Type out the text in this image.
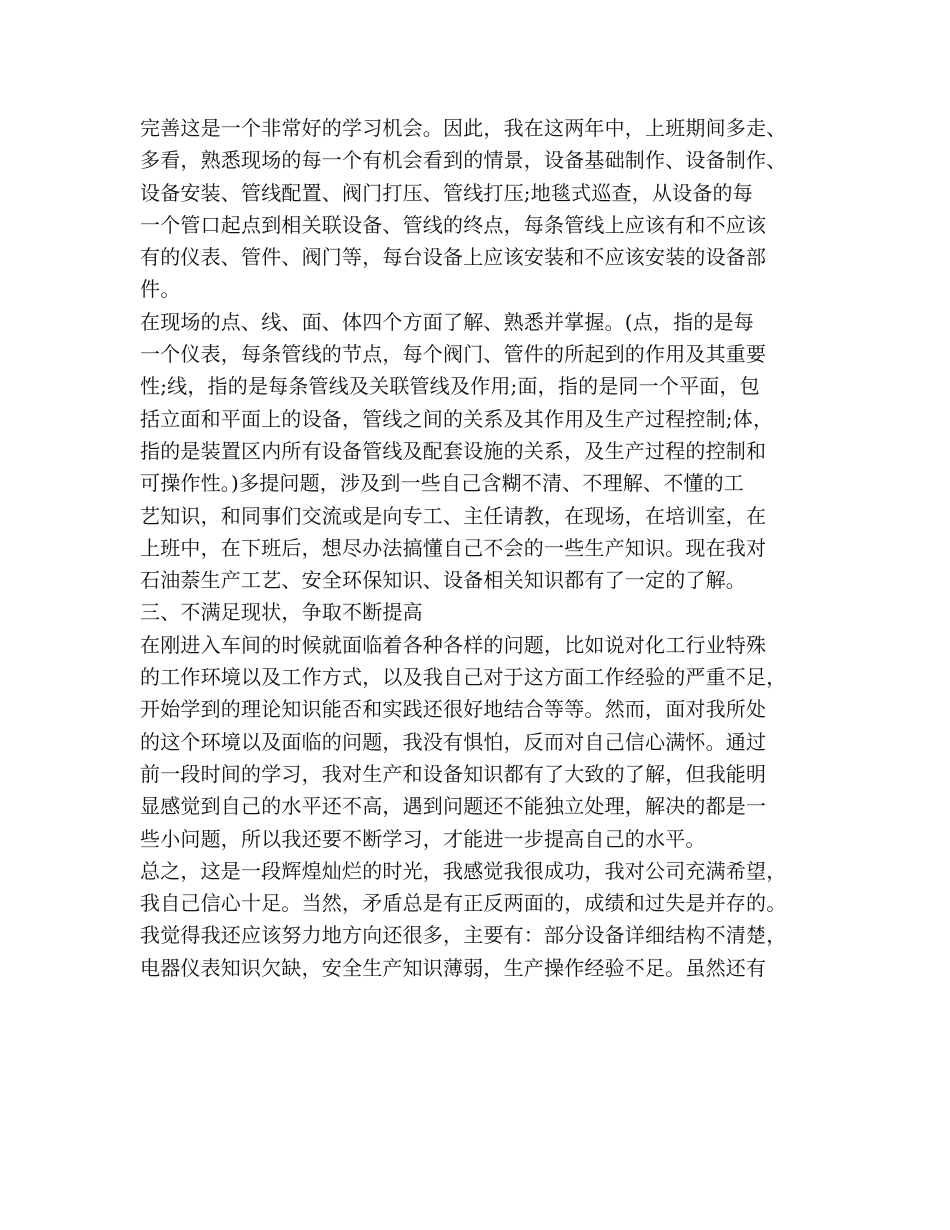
完善这是一个非常好的学习机会。因此，我在这两年中，上班期间多走、
多看，熟悉现场的每一个有机会看到的情景，设备基础制作、设备制作、
设备安装、管线配置、阀门打压、管线打压;地毯式巡查，从设备的每
一个管口起点到相关联设备、管线的终点，每条管线上应该有和不应该
有的仪表、管件、阀门等，每台设备上应该安装和不应该安装的设备部
件。
在现场的点、线、面、体四个方面了解、熟悉并掌握。(点，指的是每
一个仪表，每条管线的节点，每个阀门、管件的所起到的作用及其重要
性;线，指的是每条管线及关联管线及作用;面，指的是同一个平面，包
括立面和平面上的设备，管线之间的关系及其作用及生产过程控制;体，
指的是装置区内所有设备管线及配套设施的关系，及生产过程的控制和
可操作性。)多提问题，涉及到一些自己含糊不清、不理解、不懂的工
艺知识，和同事们交流或是向专工、主任请教，在现场，在培训室，在
上班中，在下班后，想尽办法搞懂自己不会的一些生产知识。现在我对
石油萘生产工艺、安全环保知识、设备相关知识都有了一定的了解。
三、不满足现状，争取不断提高
在刚进入车间的时候就面临着各种各样的问题，比如说对化工行业特殊
的工作环境以及工作方式，以及我自己对于这方面工作经验的严重不足，
开始学到的理论知识能否和实践还很好地结合等等。然而，面对我所处
的这个环境以及面临的问题，我没有惧怕，反而对自己信心满怀。通过
前一段时间的学习，我对生产和设备知识都有了大致的了解，但我能明
显感觉到自己的水平还不高，遇到问题还不能独立处理，解决的都是一
些小问题，所以我还要不断学习，才能进一步提高自己的水平。
总之，这是一段辉煌灿烂的时光，我感觉我很成功，我对公司充满希望，
我自己信心十足。当然，矛盾总是有正反两面的，成绩和过失是并存的。
我觉得我还应该努力地方向还很多，主要有：部分设备详细结构不清楚，
电器仪表知识欠缺，安全生产知识薄弱，生产操作经验不足。虽然还有
